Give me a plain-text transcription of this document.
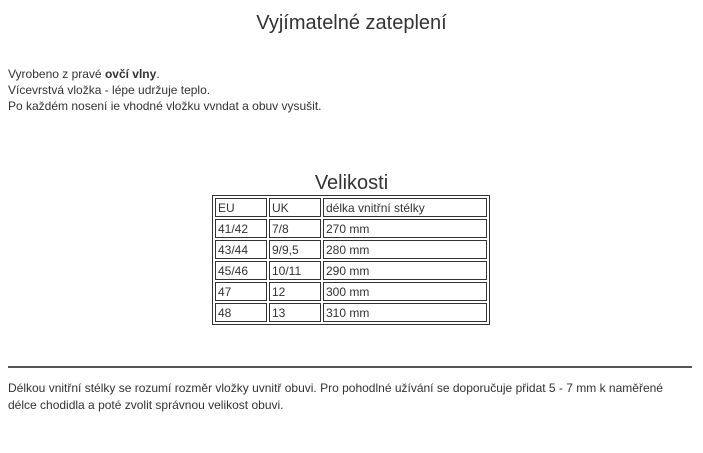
Vyjímatelné zateplení
Vyrobeno z pravé ovčí vlny.
Vícevrstvá vložka - lépe udržuje teplo.
Po každém nosení ie vhodné vložku vvndat a obuv vysušit.
Velikosti
EU	UK	délka vnitřní stélky
41/42	7/8	270 mm
43/44	9/9,5	280 mm
45/46	10/11	290 mm
47	12	300 mm
48	13	310 mm
Délkou vnitřní stélky se rozumí rozměr vložky uvnitř obuvi. Pro pohodlné užívání se doporučuje přidat 5 - 7 mm k naměřené délce chodidla a poté zvolit správnou velikost obuvi.
